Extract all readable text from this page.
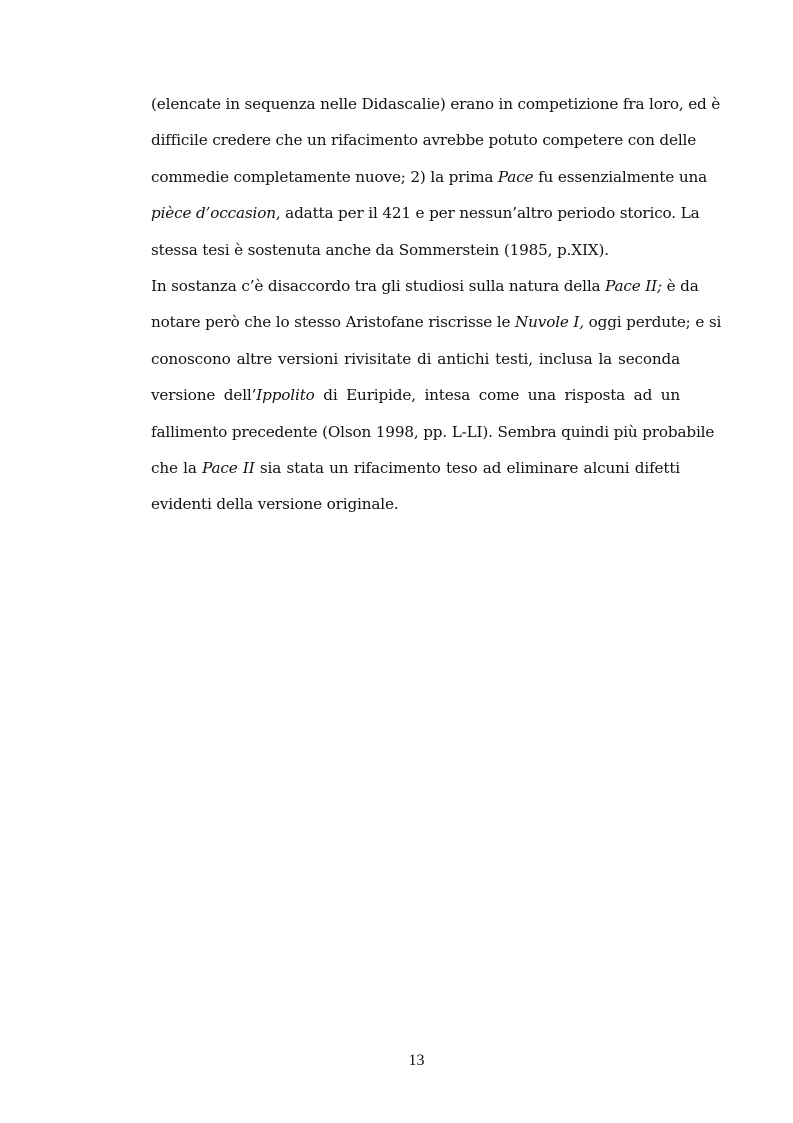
(elencate in sequenza nelle Didascalie) erano in competizione fra loro, ed è
difficile credere che un rifacimento avrebbe potuto competere con delle
commedie completamente nuove; 2) la prima Pace fu essenzialmente una
pièce d’occasion, adatta per il 421 e per nessun’altro periodo storico. La
stessa tesi è sostenuta anche da Sommerstein (1985, p.XIX).
In sostanza c’è disaccordo tra gli studiosi sulla natura della Pace II; è da
notare però che lo stesso Aristofane riscrisse le Nuvole I, oggi perdute; e si
conoscono altre versioni rivisitate di antichi testi, inclusa la seconda
versione dell’Ippolito di Euripide, intesa come una risposta ad un
fallimento precedente (Olson 1998, pp. L-LI). Sembra quindi più probabile
che la Pace II sia stata un rifacimento teso ad eliminare alcuni difetti
evidenti della versione originale.
13
